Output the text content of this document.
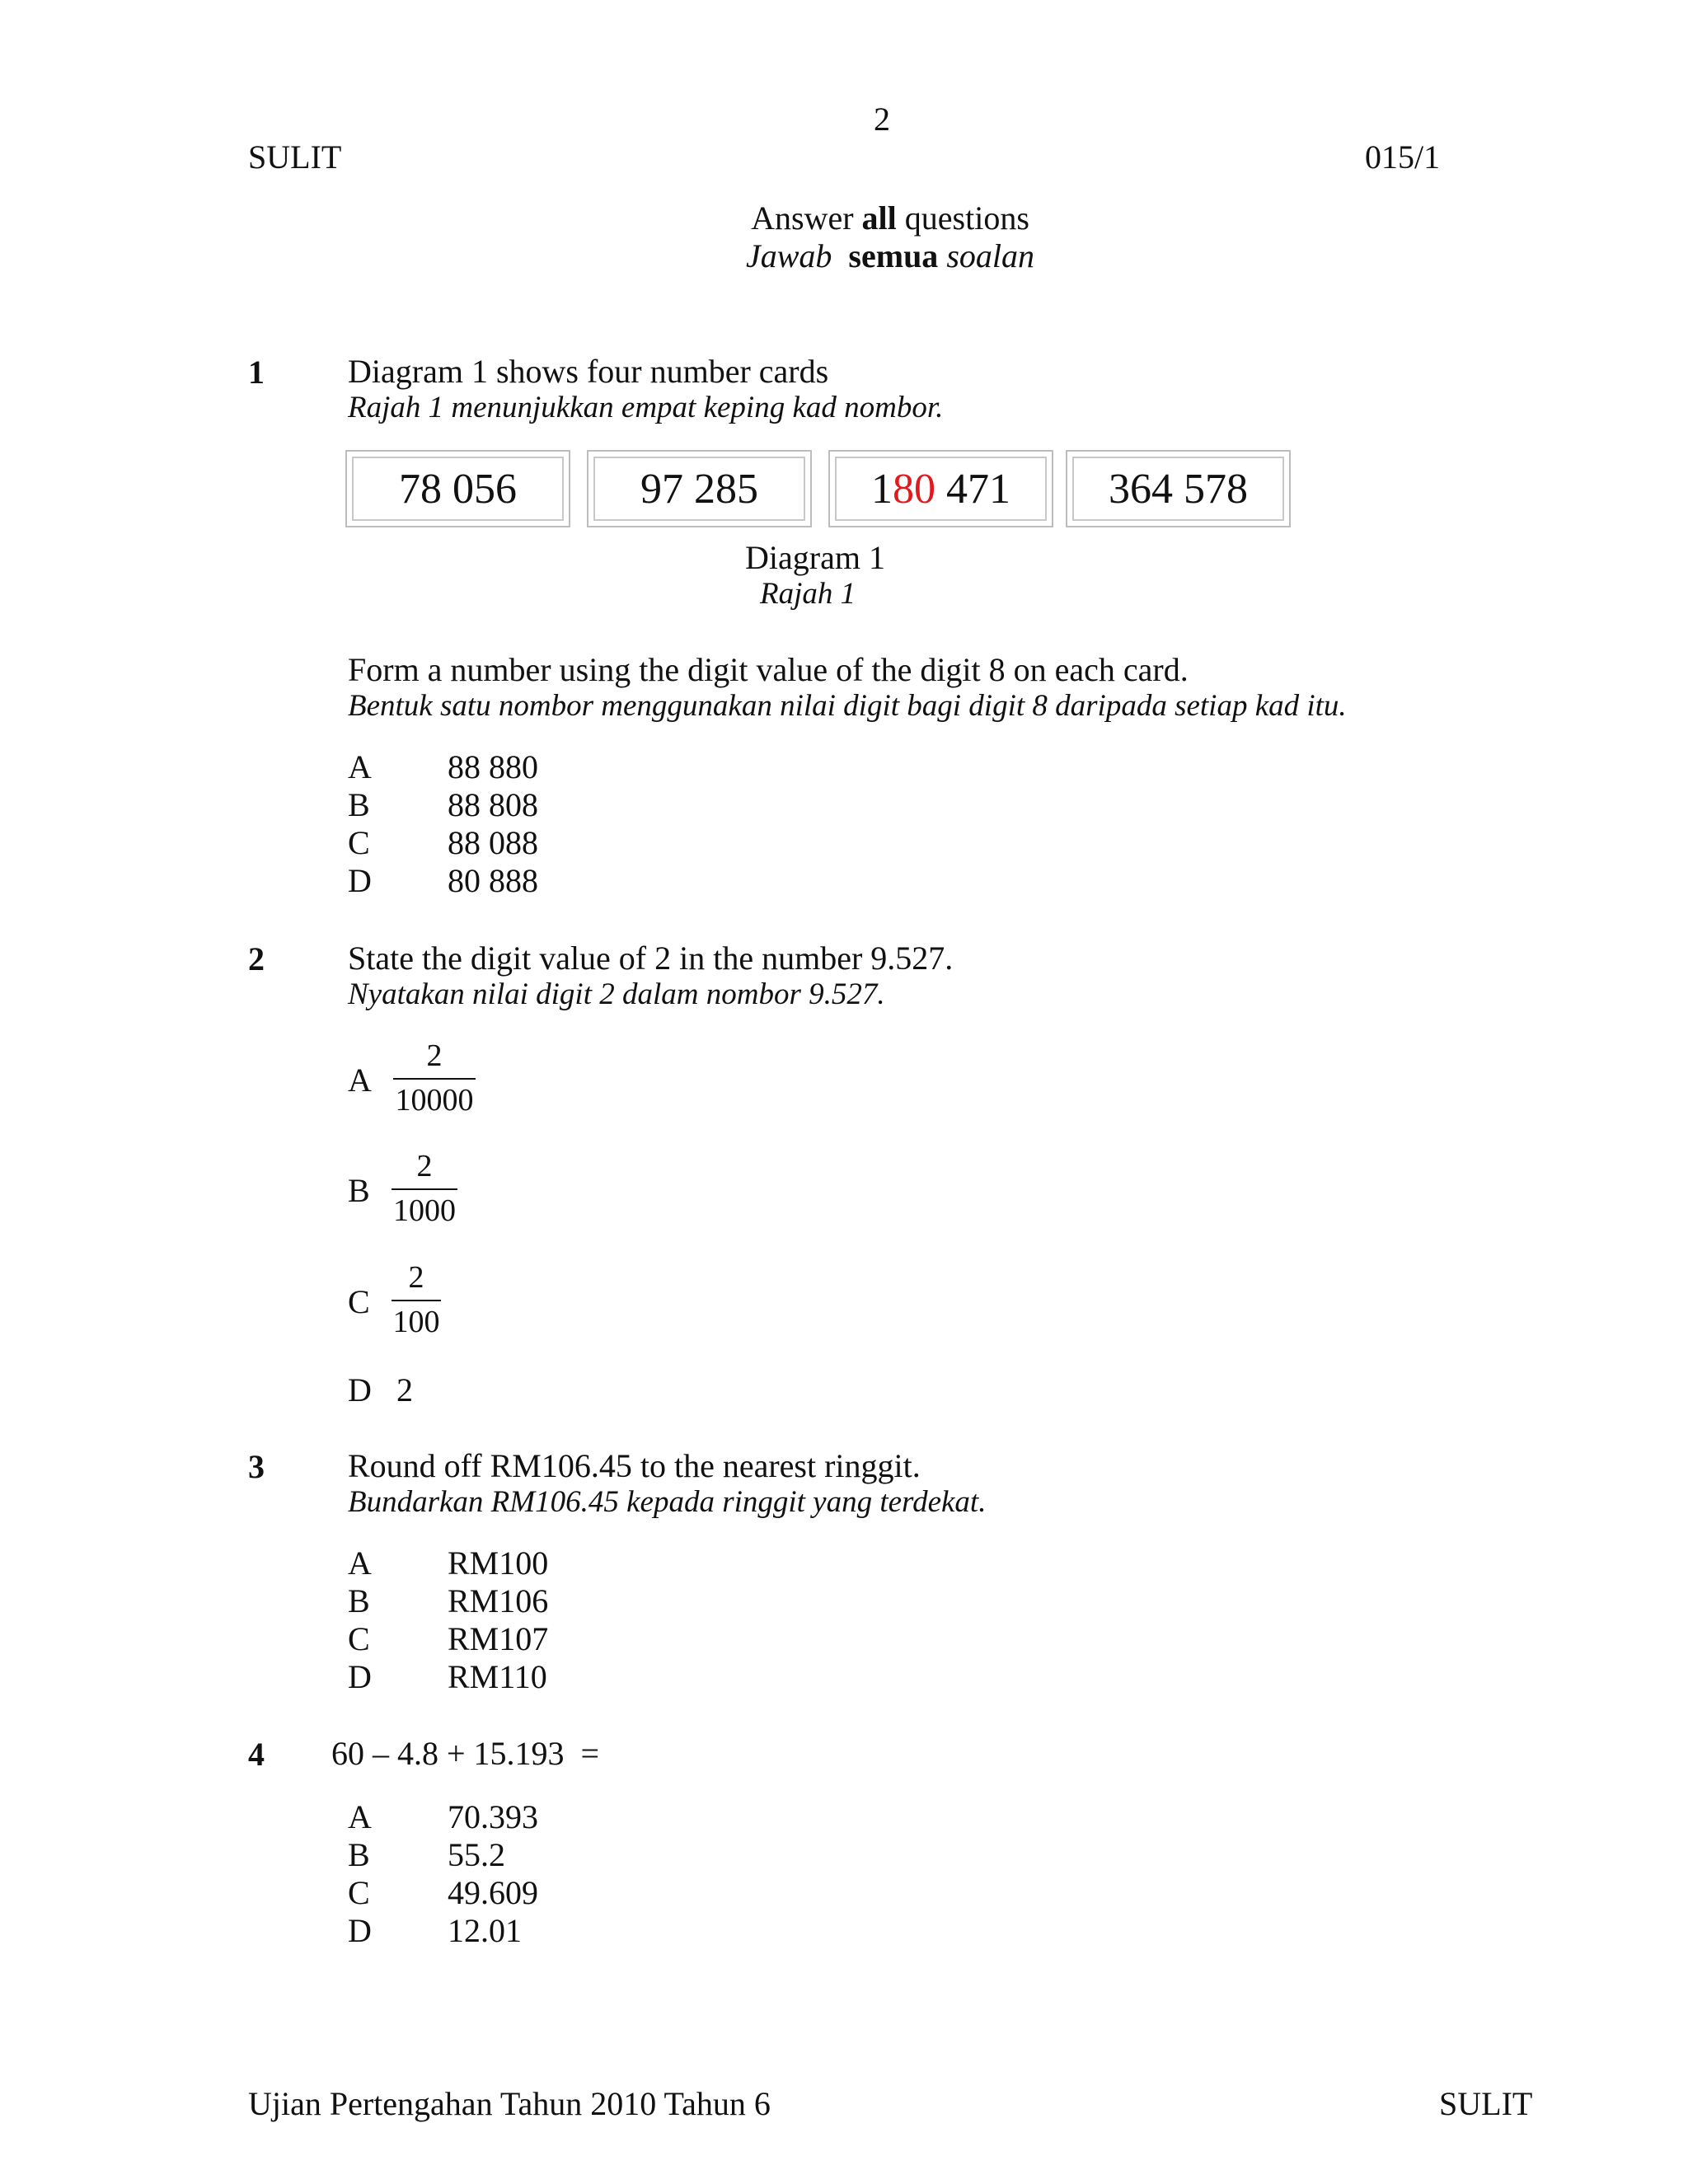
2
SULIT	015/1
Answer all questions
Jawab semua soalan
1	Diagram 1 shows four number cards
Rajah 1 menunjukkan empat keping kad nombor.
78 056	97 285	1 80 471	364 578
Diagram 1
Rajah 1
Form a number using the digit value of the digit 8 on each card.
Bentuk satu nombor menggunakan nilai digit bagi digit 8 daripada setiap kad itu.
A 88 880
B 88 808
C 88 088
D 80 888
2	State the digit value of 2 in the number 9.527.
Nyatakan nilai digit 2 dalam nombor 9.527.
A
2
10000
B
2
1000
C
2
100
D 2
3	Round off RM106.45 to the nearest ringgit.
Bundarkan RM106.45 kepada ringgit yang terdekat.
A RM100
B RM106
C RM107
D RM110
4 60 – 4.8 + 15.193  =
A 70.393
B 55.2
C 49.609
D 12.01
Ujian Pertengahan Tahun 2010 Tahun 6	SULIT
